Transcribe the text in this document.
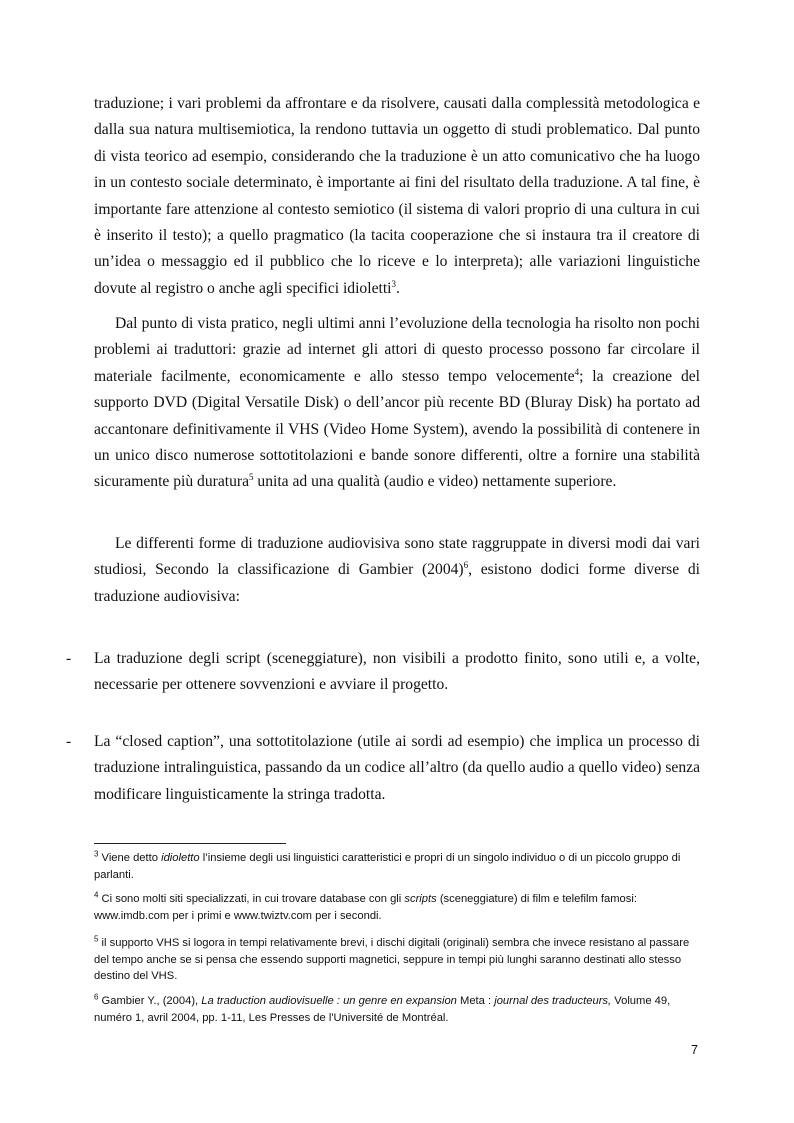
traduzione; i vari problemi da affrontare e da risolvere, causati dalla complessità metodologica e dalla sua natura multisemiotica, la rendono tuttavia un oggetto di studi problematico. Dal punto di vista teorico ad esempio, considerando che la traduzione è un atto comunicativo che ha luogo in un contesto sociale determinato, è importante ai fini del risultato della traduzione. A tal fine, è importante fare attenzione al contesto semiotico (il sistema di valori proprio di una cultura in cui è inserito il testo); a quello pragmatico (la tacita cooperazione che si instaura tra il creatore di un’idea o messaggio ed il pubblico che lo riceve e lo interpreta); alle variazioni linguistiche dovute al registro o anche agli specifici idioletti$^3$.

Dal punto di vista pratico, negli ultimi anni l’evoluzione della tecnologia ha risolto non pochi problemi ai traduttori: grazie ad internet gli attori di questo processo possono far circolare il materiale facilmente, economicamente e allo stesso tempo velocemente$^4$; la creazione del supporto DVD (Digital Versatile Disk) o dell’ancor più recente BD (Bluray Disk) ha portato ad accantonare definitivamente il VHS (Video Home System), avendo la possibilità di contenere in un unico disco numerose sottotitolazioni e bande sonore differenti, oltre a fornire una stabilità sicuramente più duratura$^5$ unita ad una qualità (audio e video) nettamente superiore.

Le differenti forme di traduzione audiovisiva sono state raggruppate in diversi modi dai vari studiosi, Secondo la classificazione di Gambier $(2004)^6$, esistono dodici forme diverse di traduzione audiovisiva:

- La traduzione degli script (sceneggiature), non visibili a prodotto finito, sono utili e, a volte, necessarie per ottenere sovvenzioni e avviare il progetto.

- La “closed caption”, una sottotitolazione (utile ai sordi ad esempio) che implica un processo di traduzione intralinguistica, passando da un codice all’altro (da quello audio a quello video) senza modificare linguisticamente la stringa tradotta.

$^3$ Viene detto idioletto l’insieme degli usi linguistici caratteristici e propri di un singolo individuo o di un piccolo gruppo di parlanti.

$^4$ Ci sono molti siti specializzati, in cui trovare database con gli scripts (sceneggiature) di film e telefilm famosi: www.imdb.com per i primi e www.twiztv.com per i secondi.

$^5$ il supporto VHS si logora in tempi relativamente brevi, i dischi digitali (originali) sembra che invece resistano al passare del tempo anche se si pensa che essendo supporti magnetici, seppure in tempi più lunghi saranno destinati allo stesso destino del VHS.

$^6$ Gambier Y., (2004), La traduction audiovisuelle : un genre en expansion Meta : journal des traducteurs, Volume 49, numéro 1, avril 2004, pp. 1-11, Les Presses de l'Université de Montréal.

7
